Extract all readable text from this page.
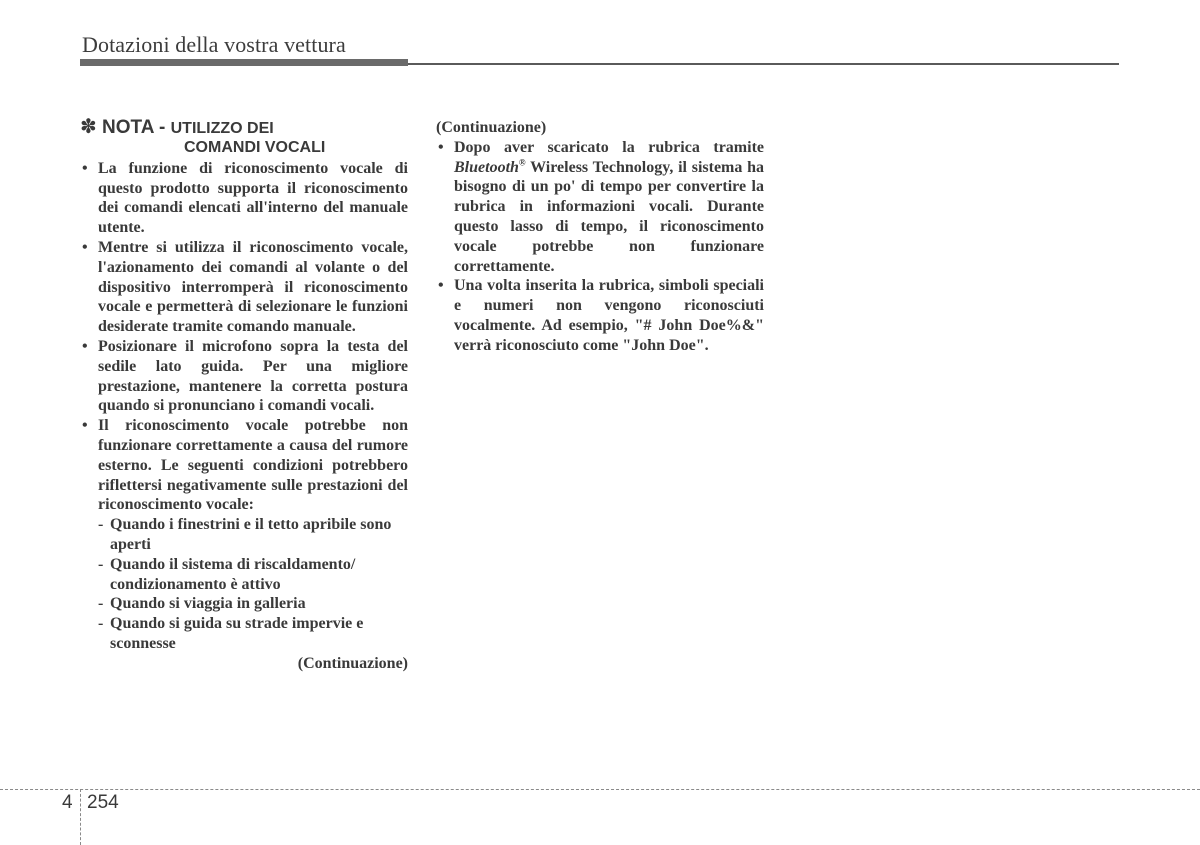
Dotazioni della vostra vettura
✽ NOTA - UTILIZZO DEI
COMANDI VOCALI
• La funzione di riconoscimento vocale di questo prodotto supporta il riconoscimento dei comandi elencati all'interno del manuale utente.
• Mentre si utilizza il riconoscimento vocale, l'azionamento dei comandi al volante o del dispositivo interromperà il riconoscimento vocale e permetterà di selezionare le funzioni desiderate tramite comando manuale.
• Posizionare il microfono sopra la testa del sedile lato guida. Per una migliore prestazione, mantenere la corretta postura quando si pronunciano i comandi vocali.
• Il riconoscimento vocale potrebbe non funzionare correttamente a causa del rumore esterno. Le seguenti condizioni potrebbero riflettersi negativamente sulle prestazioni del riconoscimento vocale:
- Quando i finestrini e il tetto apribile sono aperti
- Quando il sistema di riscaldamento/ condizionamento è attivo
- Quando si viaggia in galleria
- Quando si guida su strade impervie e sconnesse
(Continuazione)
(Continuazione)
• Dopo aver scaricato la rubrica tramite Bluetooth® Wireless Technology, il sistema ha bisogno di un po' di tempo per convertire la rubrica in informazioni vocali. Durante questo lasso di tempo, il riconoscimento vocale potrebbe non funzionare correttamente.
• Una volta inserita la rubrica, simboli speciali e numeri non vengono riconosciuti vocalmente. Ad esempio, "# John Doe%&" verrà riconosciuto come "John Doe".
4 254
